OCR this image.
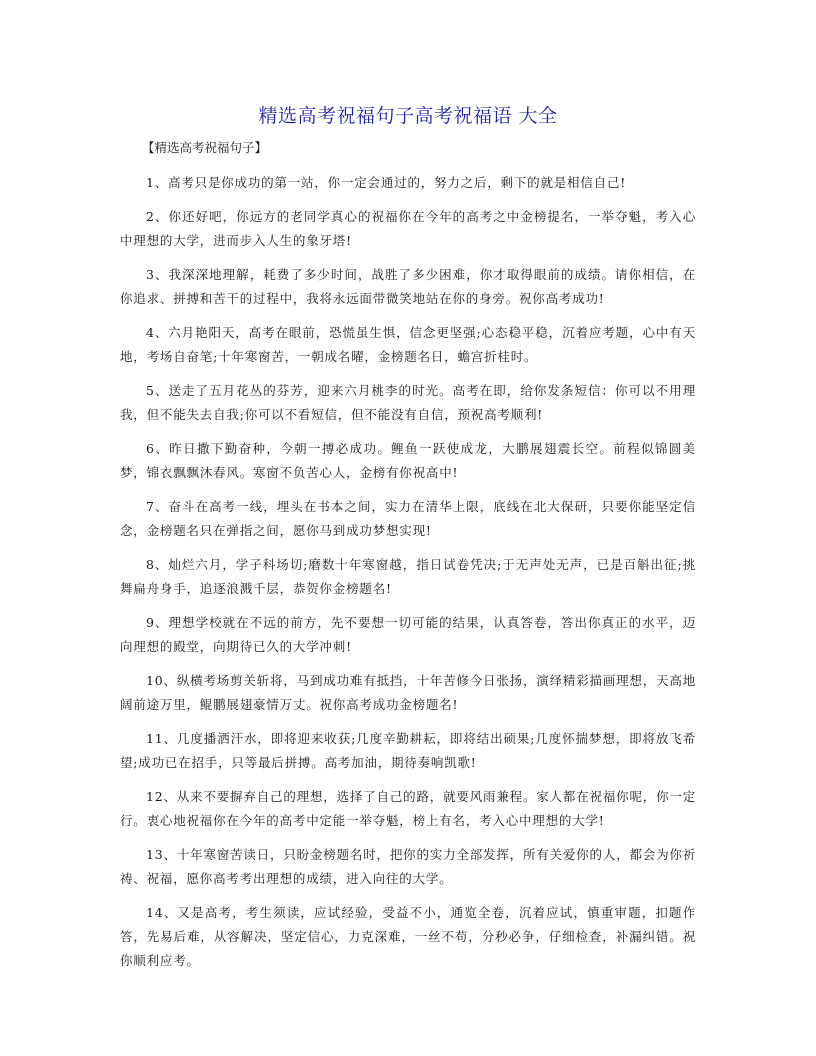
精选高考祝福句子高考祝福语 大全
【精选高考祝福句子】

1、高考只是你成功的第一站，你一定会通过的，努力之后，剩下的就是相信自己!

2、你还好吧，你远方的老同学真心的祝福你在今年的高考之中金榜提名，一举夺魁，考入心中理想的大学，进而步入人生的象牙塔!

3、我深深地理解，耗费了多少时间，战胜了多少困难，你才取得眼前的成绩。请你相信，在你追求、拼搏和苦干的过程中，我将永远面带微笑地站在你的身旁。祝你高考成功!

4、六月艳阳天，高考在眼前，恐慌虽生惧，信念更坚强;心态稳平稳，沉着应考题，心中有天地，考场自奋笔;十年寒窗苦，一朝成名曜，金榜题名日，蟾宫折桂时。

5、送走了五月花丛的芬芳，迎来六月桃李的时光。高考在即，给你发条短信：你可以不用理我，但不能失去自我;你可以不看短信，但不能没有自信，预祝高考顺利!

6、昨日撒下勤奋种，今朝一搏必成功。鲤鱼一跃使成龙，大鹏展翅震长空。前程似锦圆美梦，锦衣飘飘沐春风。寒窗不负苦心人，金榜有你祝高中!

7、奋斗在高考一线，埋头在书本之间，实力在清华上限，底线在北大保研，只要你能坚定信念，金榜题名只在弹指之间，愿你马到成功梦想实现!

8、灿烂六月，学子科场切;磨数十年寒窗越，指日试卷凭决;于无声处无声，已是百斛出征;挑舞扁舟身手，追逐浪溅千层，恭贺你金榜题名!

9、理想学校就在不远的前方，先不要想一切可能的结果，认真答卷，答出你真正的水平，迈向理想的殿堂，向期待已久的大学冲刺!

10、纵横考场剪关斩将，马到成功难有抵挡，十年苦修今日张扬，演绎精彩描画理想，天高地阔前途万里，鲲鹏展翅豪情万丈。祝你高考成功金榜题名!

11、几度播洒汗水，即将迎来收获;几度辛勤耕耘，即将结出硕果;几度怀揣梦想，即将放飞希望;成功已在招手，只等最后拼搏。高考加油，期待奏响凯歌!

12、从来不要摒弃自己的理想，选择了自己的路，就要风雨兼程。家人都在祝福你呢，你一定行。衷心地祝福你在今年的高考中定能一举夺魁，榜上有名，考入心中理想的大学!

13、十年寒窗苦读日，只盼金榜题名时，把你的实力全部发挥，所有关爱你的人，都会为你祈祷、祝福，愿你高考考出理想的成绩，进入向往的大学。

14、又是高考，考生须读，应试经验，受益不小，通览全卷，沉着应试，慎重审题，扣题作答，先易后难，从容解决，坚定信心，力克深难，一丝不苟，分秒必争，仔细检查，补漏纠错。祝你顺利应考。
